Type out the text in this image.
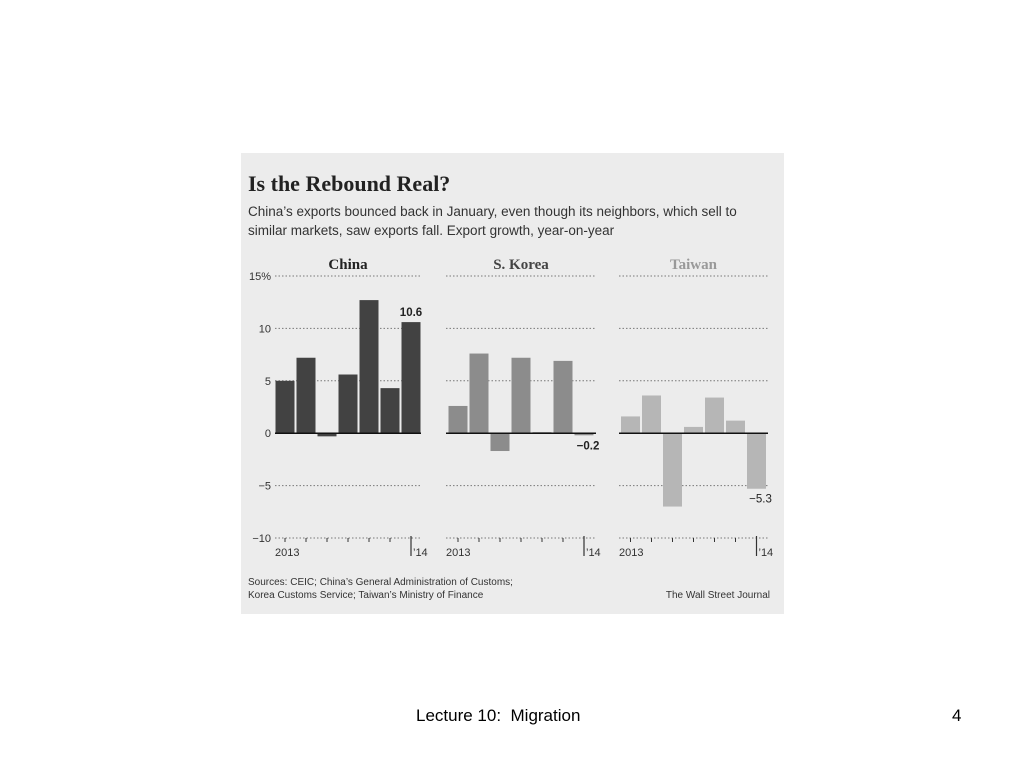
Is the Rebound Real?
China’s exports bounced back in January, even though its neighbors, which sell to similar markets, saw exports fall. Export growth, year-on-year
−10
−5
0
5
10
15%
China
10.6
2013	’14
S. Korea
−0.2
2013	’14
Taiwan
−5.3
2013	’14
Sources: CEIC; China’s General Administration of Customs;
Korea Customs Service; Taiwan’s Ministry of Finance	The Wall Street Journal
Lecture 10:  Migration	4
